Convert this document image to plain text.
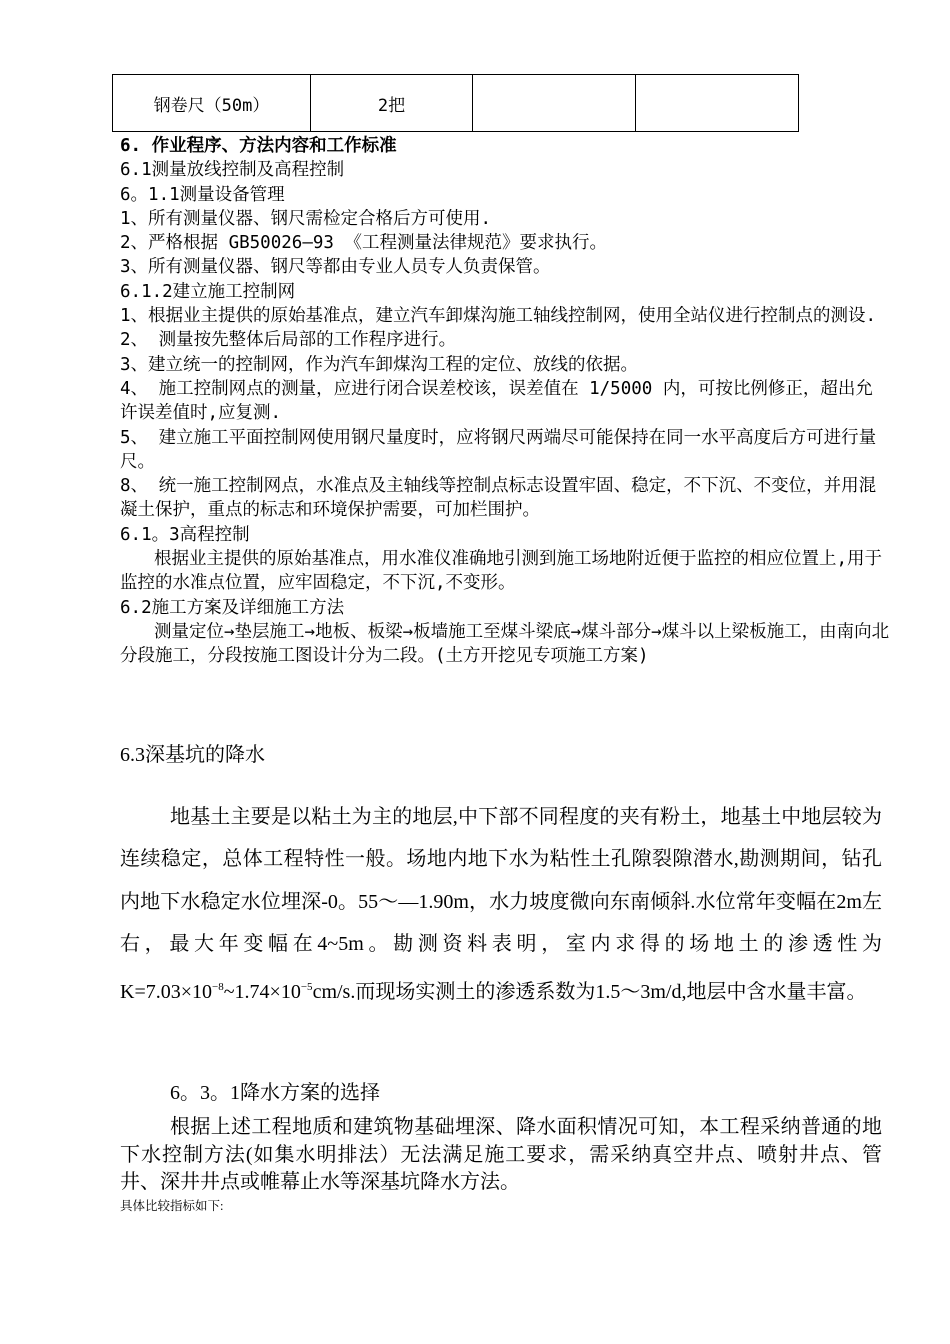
钢卷尺（50m）	2把		

6. 作业程序、方法内容和工作标准

6.1测量放线控制及高程控制

6。1.1测量设备管理

1、所有测量仪器、钢尺需检定合格后方可使用.

2、严格根据 GB50026—93 《工程测量法律规范》要求执行。

3、所有测量仪器、钢尺等都由专业人员专人负责保管。

6.1.2建立施工控制网

1、根据业主提供的原始基准点，建立汽车卸煤沟施工轴线控制网，使用全站仪进行控制点的测设.

2、 测量按先整体后局部的工作程序进行。

3、建立统一的控制网，作为汽车卸煤沟工程的定位、放线的依据。

4、 施工控制网点的测量，应进行闭合误差校该，误差值在 1/5000 内，可按比例修正，超出允许误差值时,应复测.

5、 建立施工平面控制网使用钢尺量度时，应将钢尺两端尽可能保持在同一水平高度后方可进行量尺。

8、 统一施工控制网点，水准点及主轴线等控制点标志设置牢固、稳定，不下沉、不变位，并用混凝土保护，重点的标志和环境保护需要，可加栏围护。

6.1。3高程控制

根据业主提供的原始基准点，用水准仪准确地引测到施工场地附近便于监控的相应位置上,用于监控的水准点位置，应牢固稳定，不下沉,不变形。

6.2施工方案及详细施工方法

测量定位→垫层施工→地板、板梁→板墙施工至煤斗梁底→煤斗部分→煤斗以上梁板施工，由南向北分段施工，分段按施工图设计分为二段。(土方开挖见专项施工方案)

6.3深基坑的降水

地基土主要是以粘土为主的地层,中下部不同程度的夹有粉土，地基土中地层较为连续稳定，总体工程特性一般。场地内地下水为粘性土孔隙裂隙潜水,勘测期间，钻孔内地下水稳定水位埋深-0。55～—1.90m，水力坡度微向东南倾斜.水位常年变幅在2m左右，最大年变幅在4~5m。勘测资料表明，室内求得的场地土的渗透性为$K=7.03\times 10^{-8}\sim 1.74\times 10^{-5}cm/s$.而现场实测土的渗透系数为1.5～3m/d,地层中含水量丰富。

6。3。1降水方案的选择

根据上述工程地质和建筑物基础埋深、降水面积情况可知，本工程采纳普通的地下水控制方法(如集水明排法）无法满足施工要求，需采纳真空井点、喷射井点、管井、深井井点或帷幕止水等深基坑降水方法。

具体比较指标如下:
